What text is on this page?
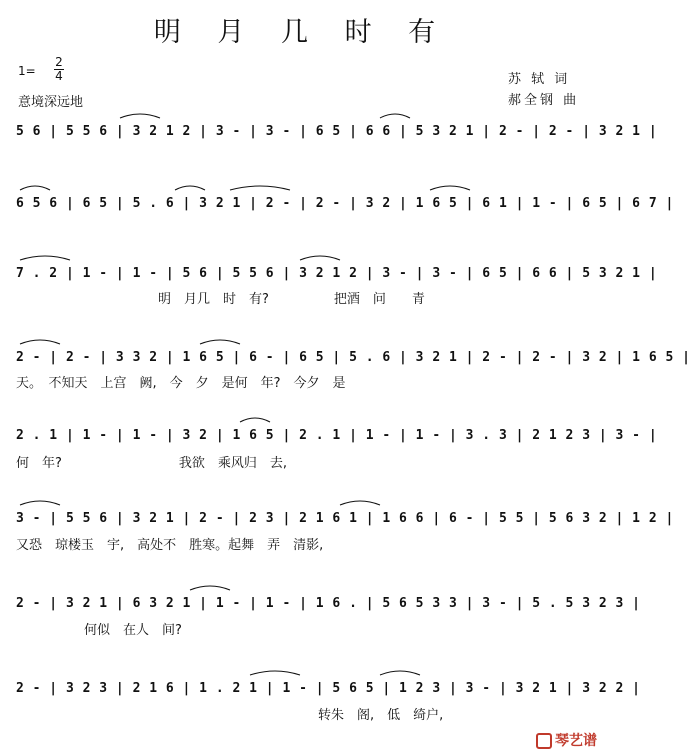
明 月 几 时 有
1=
2
4
意境深远地
苏 轼 词
郝全钢 曲
5 6 | 5 5 6 | 3 2 1 2 | 3 - | 3 - | 6 5 | 6 6 | 5 3 2 1 | 2 - | 2 - | 3 2 1 |
6 5 6 | 6 5 | 5 . 6 | 3 2 1 | 2 - | 2 - | 3 2 | 1 6 5 | 6 1 | 1 - | 6 5 | 6 7 |
7 . 2 | 1 - | 1 - | 5 6 | 5 5 6 | 3 2 1 2 | 3 - | 3 - | 6 5 | 6 6 | 5 3 2 1 |
明　月几　时　有?　　　　　把酒　问　　青
2 - | 2 - | 3 3 2 | 1 6 5 | 6 - | 6 5 | 5 . 6 | 3 2 1 | 2 - | 2 - | 3 2 | 1 6 5 |
天。　不知天　上宫　阙,　今　夕　是何　年?　今夕　是
2 . 1 | 1 - | 1 - | 3 2 | 1 6 5 | 2 . 1 | 1 - | 1 - | 3 . 3 | 2 1 2 3 | 3 - |
何　年?　　　　　　　　　我欲　乘风归　去,
3 - | 5 5 6 | 3 2 1 | 2 - | 2 3 | 2 1 6 1 | 1 6 6 | 6 - | 5 5 | 5 6 3 2 | 1 2 |
又恐　琼楼玉　宇,　高处不　胜寒。起舞　弄　清影,
2 - | 3 2 1 | 6 3 2 1 | 1 - | 1 - | 1 6 . | 5 6 5 3 3 | 3 - | 5 . 5 3 2 3 |
何似　在人　间?
2 - | 3 2 3 | 2 1 6 | 1 . 2 1 | 1 - | 5 6 5 | 1 2 3 | 3 - | 3 2 1 | 3 2 2 |
转朱　阁,　低　绮户,
琴艺谱
